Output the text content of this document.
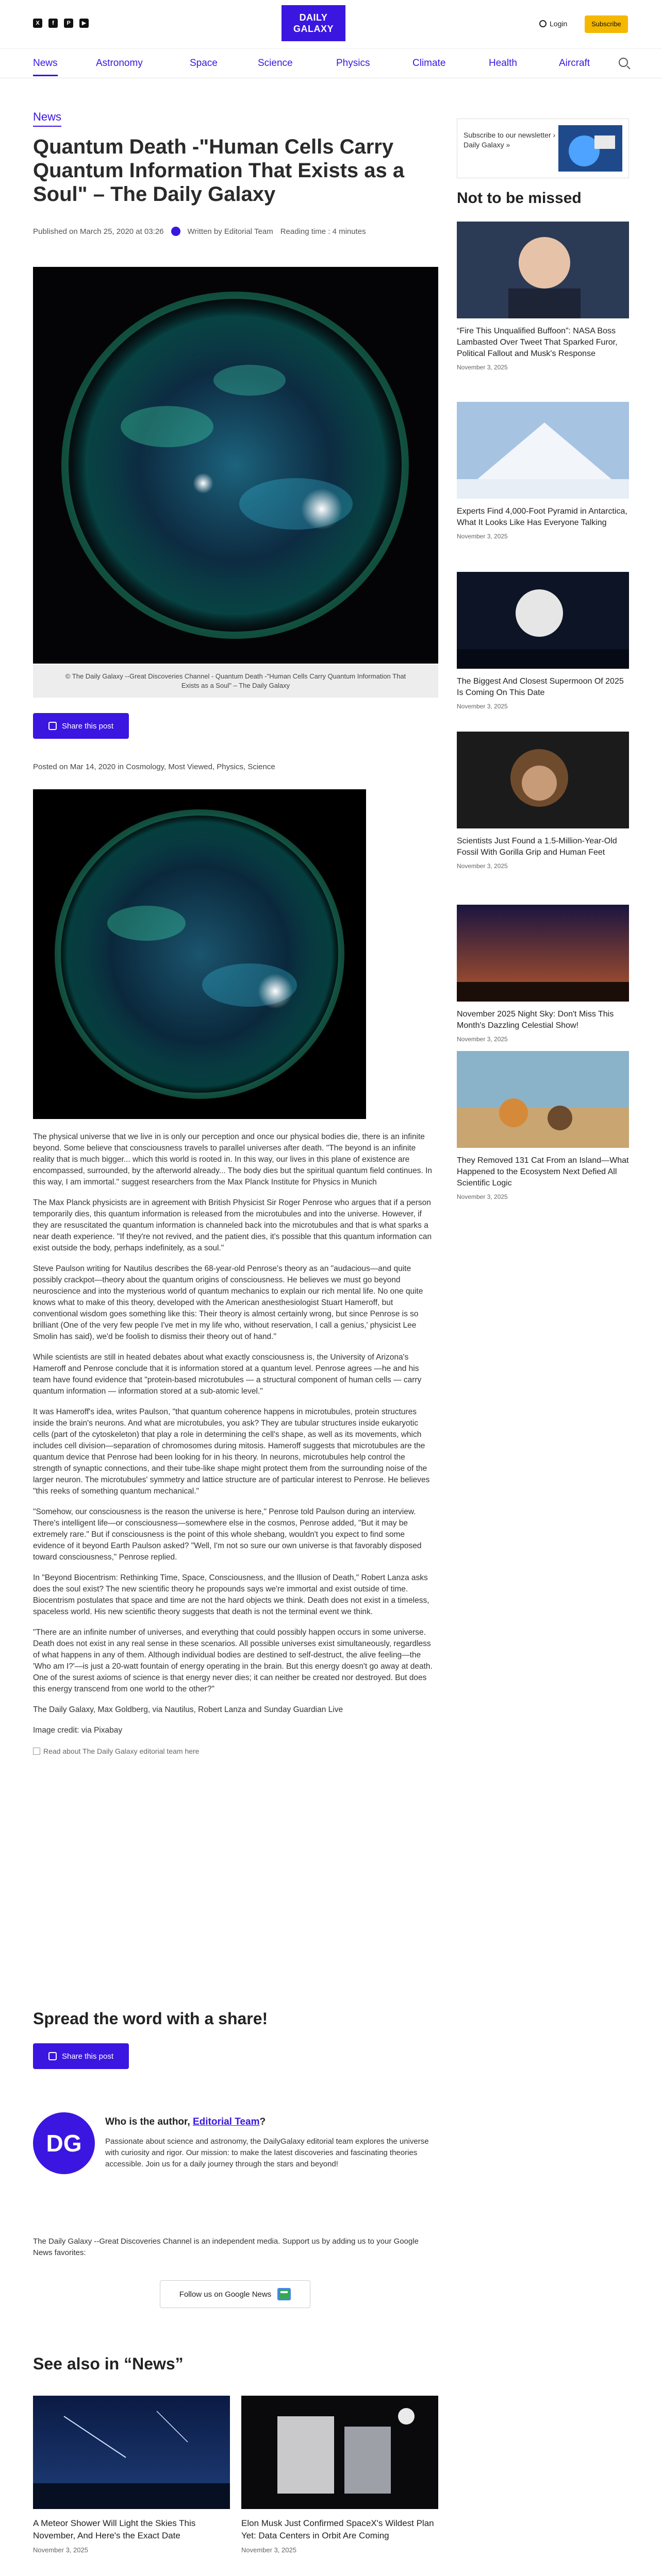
X	f	P	▶
DAILY
GALAXY	Login	Subscribe
News	Astronomy	Space	Science	Physics	Climate	Health	Aircraft
News
Quantum Death -"Human Cells Carry Quantum Information That Exists as a Soul" – The Daily Galaxy
Published on March 25, 2020 at 03:26	Written by Editorial Team Reading time : 4 minutes
© The Daily Galaxy --Great Discoveries Channel - Quantum Death -"Human Cells Carry Quantum Information That Exists as a Soul" – The Daily Galaxy
Share this post
Posted on Mar 14, 2020 in Cosmology, Most Viewed, Physics, Science

The physical universe that we live in is only our perception and once our physical bodies die, there is an infinite beyond. Some believe that consciousness travels to parallel universes after death. "The beyond is an infinite reality that is much bigger... which this world is rooted in. In this way, our lives in this plane of existence are encompassed, surrounded, by the afterworld already... The body dies but the spiritual quantum field continues. In this way, I am immortal." suggest researchers from the Max Planck Institute for Physics in Munich

The Max Planck physicists are in agreement with British Physicist Sir Roger Penrose who argues that if a person temporarily dies, this quantum information is released from the microtubules and into the universe. However, if they are resuscitated the quantum information is channeled back into the microtubules and that is what sparks a near death experience. "If they're not revived, and the patient dies, it's possible that this quantum information can exist outside the body, perhaps indefinitely, as a soul."

Steve Paulson writing for Nautilus describes the 68-year-old Penrose's theory as an "audacious—and quite possibly crackpot—theory about the quantum origins of consciousness. He believes we must go beyond neuroscience and into the mysterious world of quantum mechanics to explain our rich mental life. No one quite knows what to make of this theory, developed with the American anesthesiologist Stuart Hameroff, but conventional wisdom goes something like this: Their theory is almost certainly wrong, but since Penrose is so brilliant (One of the very few people I've met in my life who, without reservation, I call a genius,' physicist Lee Smolin has said), we'd be foolish to dismiss their theory out of hand."

While scientists are still in heated debates about what exactly consciousness is, the University of Arizona's Hameroff and Penrose conclude that it is information stored at a quantum level. Penrose agrees —he and his team have found evidence that "protein-based microtubules — a structural component of human cells — carry quantum information — information stored at a sub-atomic level."

It was Hameroff's idea, writes Paulson, "that quantum coherence happens in microtubules, protein structures inside the brain's neurons. And what are microtubules, you ask? They are tubular structures inside eukaryotic cells (part of the cytoskeleton) that play a role in determining the cell's shape, as well as its movements, which includes cell division—separation of chromosomes during mitosis. Hameroff suggests that microtubules are the quantum device that Penrose had been looking for in his theory. In neurons, microtubules help control the strength of synaptic connections, and their tube-like shape might protect them from the surrounding noise of the larger neuron. The microtubules' symmetry and lattice structure are of particular interest to Penrose. He believes "this reeks of something quantum mechanical."

"Somehow, our consciousness is the reason the universe is here," Penrose told Paulson during an interview. There's intelligent life—or consciousness—somewhere else in the cosmos, Penrose added, "But it may be extremely rare." But if consciousness is the point of this whole shebang, wouldn't you expect to find some evidence of it beyond Earth Paulson asked? "Well, I'm not so sure our own universe is that favorably disposed toward consciousness," Penrose replied.

In "Beyond Biocentrism: Rethinking Time, Space, Consciousness, and the Illusion of Death," Robert Lanza asks does the soul exist? The new scientific theory he propounds says we're immortal and exist outside of time. Biocentrism postulates that space and time are not the hard objects we think. Death does not exist in a timeless, spaceless world. His new scientific theory suggests that death is not the terminal event we think.

"There are an infinite number of universes, and everything that could possibly happen occurs in some universe. Death does not exist in any real sense in these scenarios. All possible universes exist simultaneously, regardless of what happens in any of them. Although individual bodies are destined to self-destruct, the alive feeling—the 'Who am I?'—is just a 20-watt fountain of energy operating in the brain. But this energy doesn't go away at death. One of the surest axioms of science is that energy never dies; it can neither be created nor destroyed. But does this energy transcend from one world to the other?"

The Daily Galaxy, Max Goldberg, via Nautilus, Robert Lanza and Sunday Guardian Live

Image credit: via Pixabay

Read about The Daily Galaxy editorial team here

Spread the word with a share!
Share this post
DG
Who is the author, Editorial Team?
Passionate about science and astronomy, the DailyGalaxy editorial team explores the universe with curiosity and rigor. Our mission: to make the latest discoveries and fascinating theories accessible. Join us for a daily journey through the stars and beyond!
The Daily Galaxy --Great Discoveries Channel is an independent media. Support us by adding us to your Google News favorites:
Follow us on Google News
See also in “News”
A Meteor Shower Will Light the Skies This November, And Here's the Exact Date
November 3, 2025
Elon Musk Just Confirmed SpaceX's Wildest Plan Yet: Data Centers in Orbit Are Coming
November 3, 2025
Subscribe to our newsletter › Daily Galaxy »
Not to be missed
“Fire This Unqualified Buffoon”: NASA Boss Lambasted Over Tweet That Sparked Furor, Political Fallout and Musk's Response
November 3, 2025
Experts Find 4,000-Foot Pyramid in Antarctica, What It Looks Like Has Everyone Talking
November 3, 2025
The Biggest And Closest Supermoon Of 2025 Is Coming On This Date
November 3, 2025
Scientists Just Found a 1.5-Million-Year-Old Fossil With Gorilla Grip and Human Feet
November 3, 2025
November 2025 Night Sky: Don't Miss This Month's Dazzling Celestial Show!
November 3, 2025
They Removed 131 Cat From an Island—What Happened to the Ecosystem Next Defied All Scientific Logic
November 3, 2025
